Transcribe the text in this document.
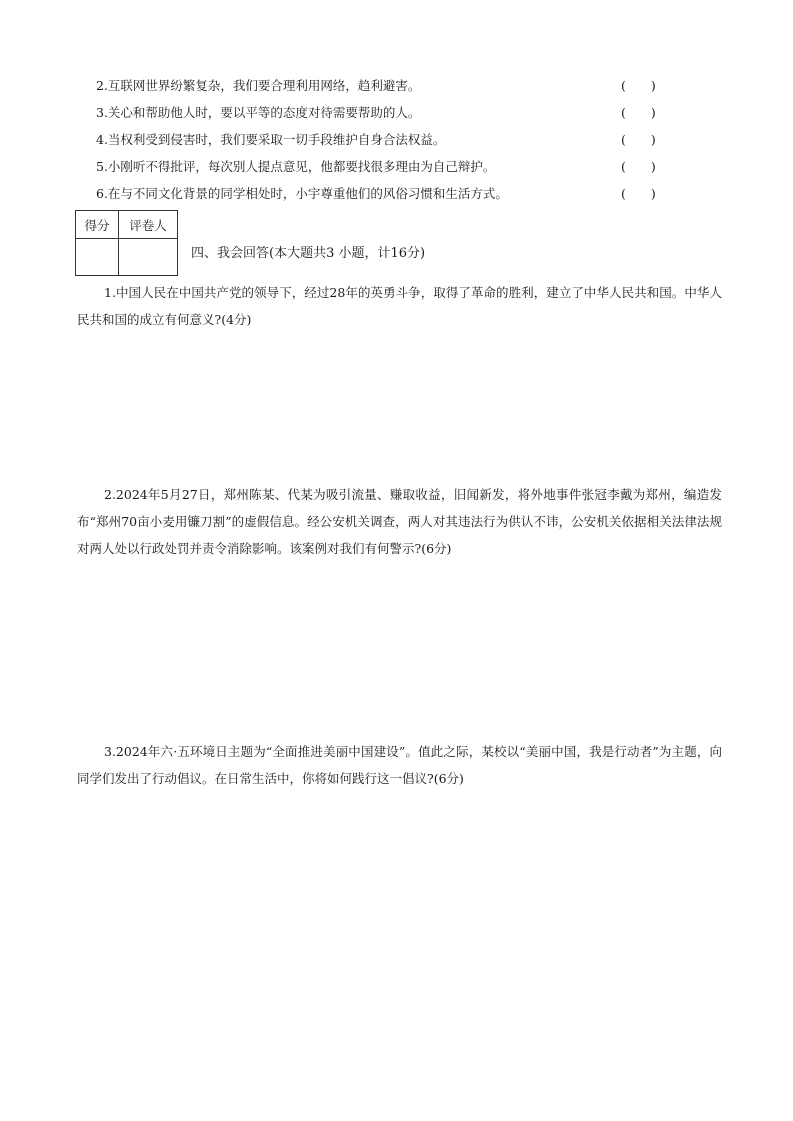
2.互联网世界纷繁复杂，我们要合理利用网络，趋利避害。	(　　)
3.关心和帮助他人时，要以平等的态度对待需要帮助的人。	(　　)
4.当权利受到侵害时，我们要采取一切手段维护自身合法权益。	(　　)
5.小刚听不得批评，每次别人提点意见，他都要找很多理由为自己辩护。	(　　)
6.在与不同文化背景的同学相处时，小宇尊重他们的风俗习惯和生活方式。	(　　)
得分	评卷人

四、我会回答(本大题共3 小题，计16分)
1.中国人民在中国共产党的领导下，经过28年的英勇斗争，取得了革命的胜利，建立了中华人民共和国。中华人民共和国的成立有何意义?(4分)
2.2024年5月27日，郑州陈某、代某为吸引流量、赚取收益，旧闻新发，将外地事件张冠李戴为郑州，编造发布“郑州70亩小麦用镰刀割”的虚假信息。经公安机关调查，两人对其违法行为供认不讳，公安机关依据相关法律法规对两人处以行政处罚并责令消除影响。该案例对我们有何警示?(6分)
3.2024年六·五环境日主题为“全面推进美丽中国建设”。值此之际，某校以“美丽中国，我是行动者”为主题，向同学们发出了行动倡议。在日常生活中，你将如何践行这一倡议?(6分)
